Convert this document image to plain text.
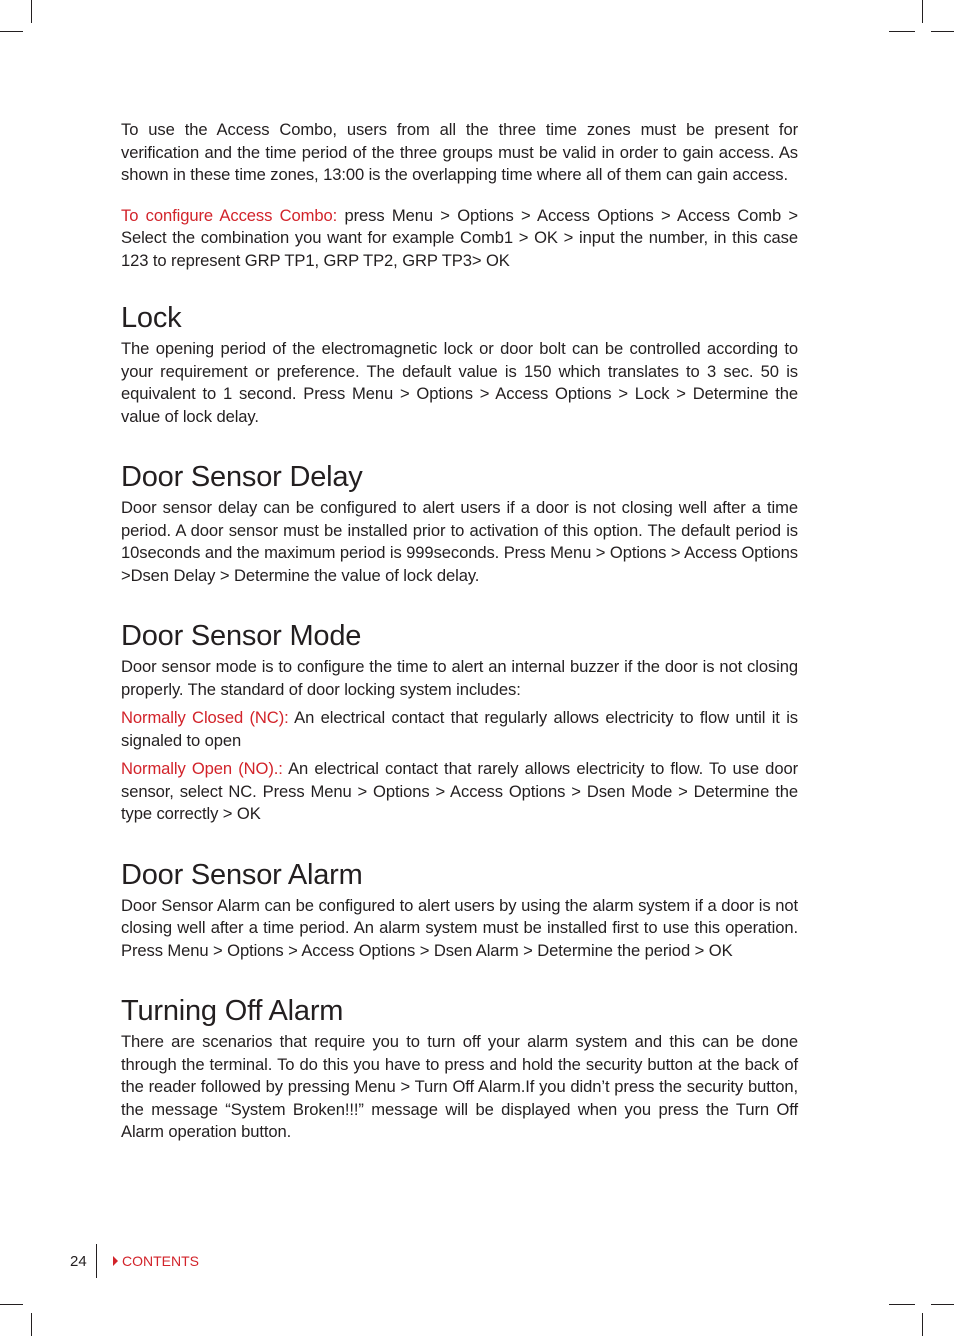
To use the Access Combo, users from all the three time zones must be present for verification and the time period of the three groups must be valid in order to gain access. As shown in these time zones, 13:00 is the overlapping time where all of them can gain access.

To configure Access Combo: press Menu > Options > Access Options > Access Comb > Select the combination you want for example Comb1 > OK > input the number, in this case 123 to represent GRP TP1, GRP TP2, GRP TP3> OK

Lock

The opening period of the electromagnetic lock or door bolt can be controlled according to your requirement or preference. The default value is 150 which translates to 3 sec. 50 is equivalent to 1 second. Press Menu > Options > Access Options > Lock > Determine the value of lock delay.

Door Sensor Delay

Door sensor delay can be configured to alert users if a door is not closing well after a time period. A door sensor must be installed prior to activation of this option. The default period is 10seconds and the maximum period is 999seconds. Press Menu > Options > Access Options >Dsen Delay > Determine the value of lock delay.

Door Sensor Mode

Door sensor mode is to configure the time to alert an internal buzzer if the door is not closing properly. The standard of door locking system includes:

Normally Closed (NC): An electrical contact that regularly allows electricity to flow until it is signaled to open

Normally Open (NO).: An electrical contact that rarely allows electricity to flow. To use door sensor, select NC. Press Menu > Options > Access Options > Dsen Mode > Determine the type correctly > OK

Door Sensor Alarm

Door Sensor Alarm can be configured to alert users by using the alarm system if a door is not closing well after a time period. An alarm system must be installed first to use this operation. Press Menu > Options > Access Options > Dsen Alarm > Determine the period > OK

Turning Off Alarm

There are scenarios that require you to turn off your alarm system and this can be done through the terminal. To do this you have to press and hold the security button at the back of the reader followed by pressing Menu > Turn Off Alarm.If you didn’t press the security button, the message “System Broken!!!” message will be displayed when you press the Turn Off Alarm operation button.

24	CONTENTS
